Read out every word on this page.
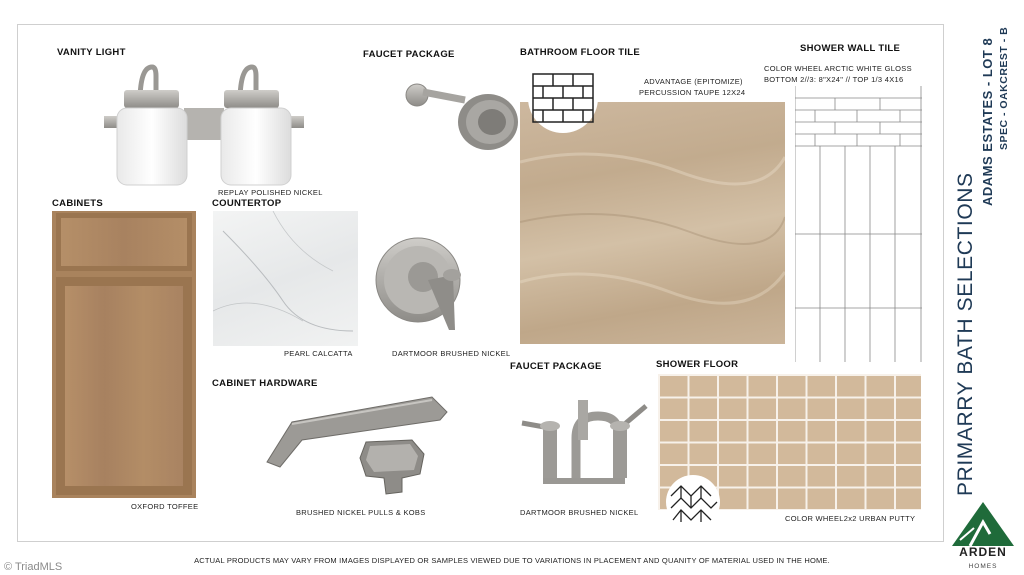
VANITY LIGHT
REPLAY POLISHED NICKEL
FAUCET PACKAGE	BATHROOM FLOOR TILE
ADVANTAGE (EPITOMIZE)
PERCUSSION TAUPE 12X24
SHOWER WALL TILE
COLOR WHEEL ARCTIC WHITE GLOSS
BOTTOM 2//3: 8"X24" // TOP 1/3 4X16
CABINETS
OXFORD TOFFEE
COUNTERTOP
PEARL CALCATTA	DARTMOOR BRUSHED NICKEL
CABINET HARDWARE
BRUSHED NICKEL PULLS & KOBS
FAUCET PACKAGE
DARTMOOR BRUSHED NICKEL
SHOWER FLOOR
COLOR WHEEL2x2 URBAN PUTTY
PRIMARRY BATH SELECTIONS
ADAMS ESTATES - LOT 8 SPEC - OAKCREST - B
ARDEN
HOMES
ACTUAL PRODUCTS MAY VARY FROM IMAGES DISPLAYED OR SAMPLES VIEWED DUE TO VARIATIONS IN PLACEMENT AND QUANITY OF MATERIAL USED IN THE HOME.
© TriadMLS
